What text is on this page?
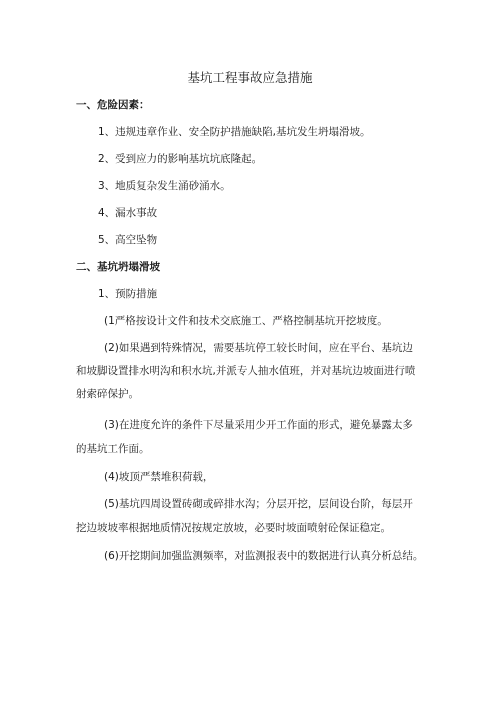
基坑工程事故应急措施
一、危险因素：
1、违规违章作业、安全防护措施缺陷,基坑发生坍塌滑坡。
2、受到应力的影响基坑坑底隆起。
3、地质复杂发生涌砂涌水。
4、漏水事故
5、高空坠物
二、基坑坍塌滑坡
1、预防措施
(1严格按设计文件和技术交底施工、严格控制基坑开挖坡度。
(2)如果遇到特殊情况，需要基坑停工较长时间，应在平台、基坑边
和坡脚设置排水明沟和积水坑,并派专人抽水值班，并对基坑边坡面进行喷
射索碎保护。
(3)在进度允许的条件下尽量采用少开工作面的形式，避免暴露太多
的基坑工作面。
(4)坡顶严禁堆积荷载，
(5)基坑四周设置砖砌或碎排水沟；分层开挖，层间设台阶，每层开
挖边坡坡率根据地质情况按规定放坡，必要时坡面喷射砼保证稳定。
(6)开挖期间加强监测频率，对监测报表中的数据进行认真分析总结。
